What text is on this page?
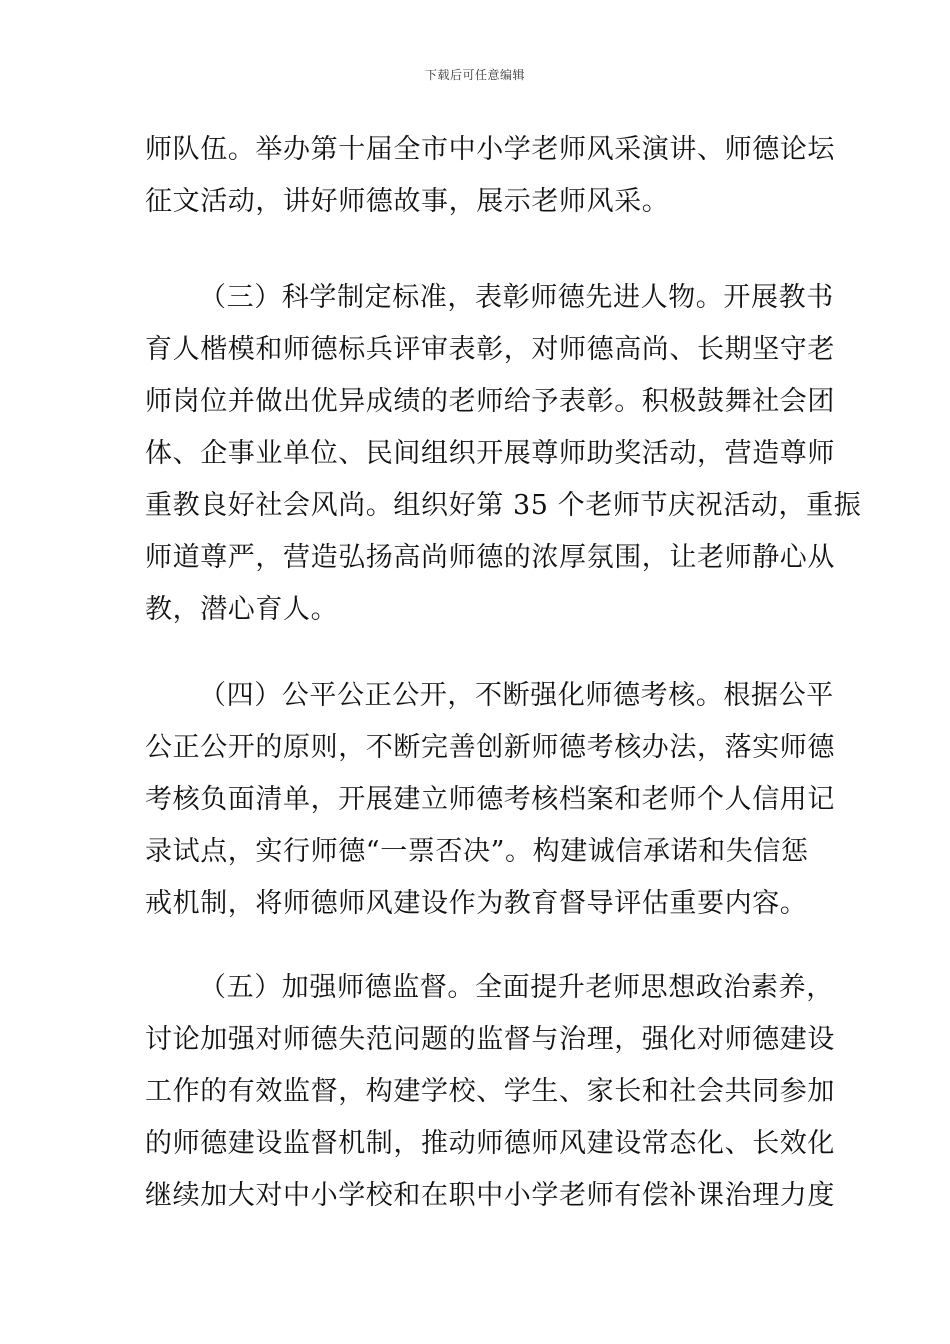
下载后可任意编辑
师队伍。举办第十届全市中小学老师风采演讲、师德论坛
征文活动，讲好师德故事，展示老师风采。
（三）科学制定标准，表彰师德先进人物。开展教书
育人楷模和师德标兵评审表彰，对师德高尚、长期坚守老
师岗位并做出优异成绩的老师给予表彰。积极鼓舞社会团
体、企事业单位、民间组织开展尊师助奖活动，营造尊师
重教良好社会风尚。组织好第 35 个老师节庆祝活动，重振
师道尊严，营造弘扬高尚师德的浓厚氛围，让老师静心从
教，潜心育人。
（四）公平公正公开，不断强化师德考核。根据公平
公正公开的原则，不断完善创新师德考核办法，落实师德
考核负面清单，开展建立师德考核档案和老师个人信用记
录试点，实行师德“一票否决”。构建诚信承诺和失信惩
戒机制，将师德师风建设作为教育督导评估重要内容。
（五）加强师德监督。全面提升老师思想政治素养，
讨论加强对师德失范问题的监督与治理，强化对师德建设
工作的有效监督，构建学校、学生、家长和社会共同参加
的师德建设监督机制，推动师德师风建设常态化、长效化
继续加大对中小学校和在职中小学老师有偿补课治理力度
